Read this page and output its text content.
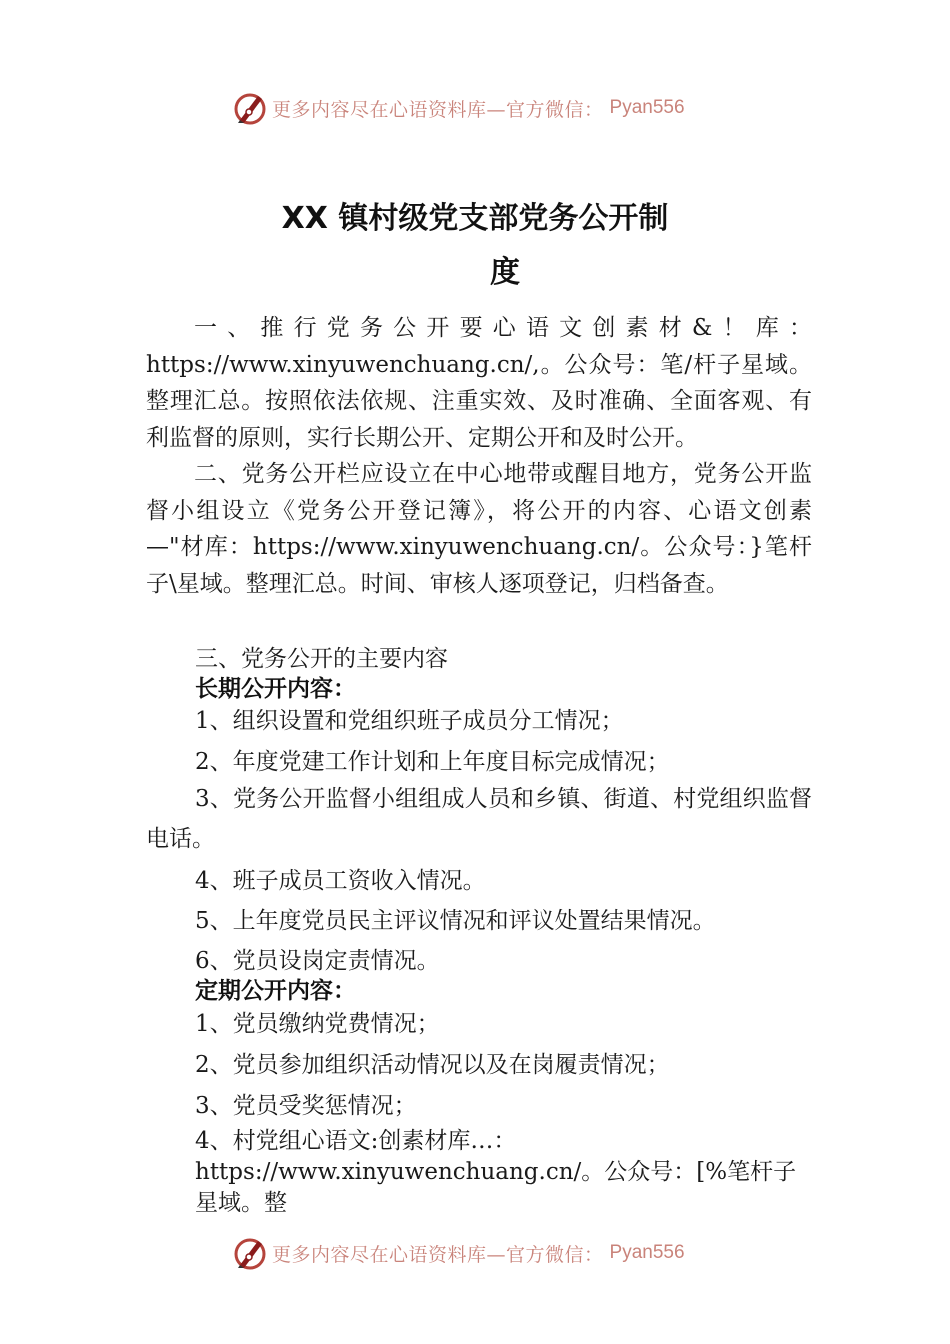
更多内容尽在心语资料库—官方微信： Pyan556
XX 镇村级党支部党务公开制
度

一、推行党务公开要心语文创素材&！库：https://www.xinyuwenchuang.cn/,。公众号：笔/杆子星域。整理汇总。按照依法依规、注重实效、及时准确、全面客观、有利监督的原则，实行长期公开、定期公开和及时公开。

二、党务公开栏应设立在中心地带或醒目地方，党务公开监督小组设立《党务公开登记簿》，将公开的内容、心语文创素—"材库：https://www.xinyuwenchuang.cn/。公众号：}笔杆子\星域。整理汇总。时间、审核人逐项登记，归档备查。

三、党务公开的主要内容

长期公开内容：

1、组织设置和党组织班子成员分工情况；

2、年度党建工作计划和上年度目标完成情况；

3、党务公开监督小组组成人员和乡镇、街道、村党组织监督电话。

4、班子成员工资收入情况。

5、上年度党员民主评议情况和评议处置结果情况。

6、党员设岗定责情况。

定期公开内容：

1、党员缴纳党费情况；

2、党员参加组织活动情况以及在岗履责情况；

3、党员受奖惩情况；

4、村党组心语文:创素材库…：https://www.xinyuwenchuang.cn/。公众号：[%笔杆子星域。整

更多内容尽在心语资料库—官方微信： Pyan556
